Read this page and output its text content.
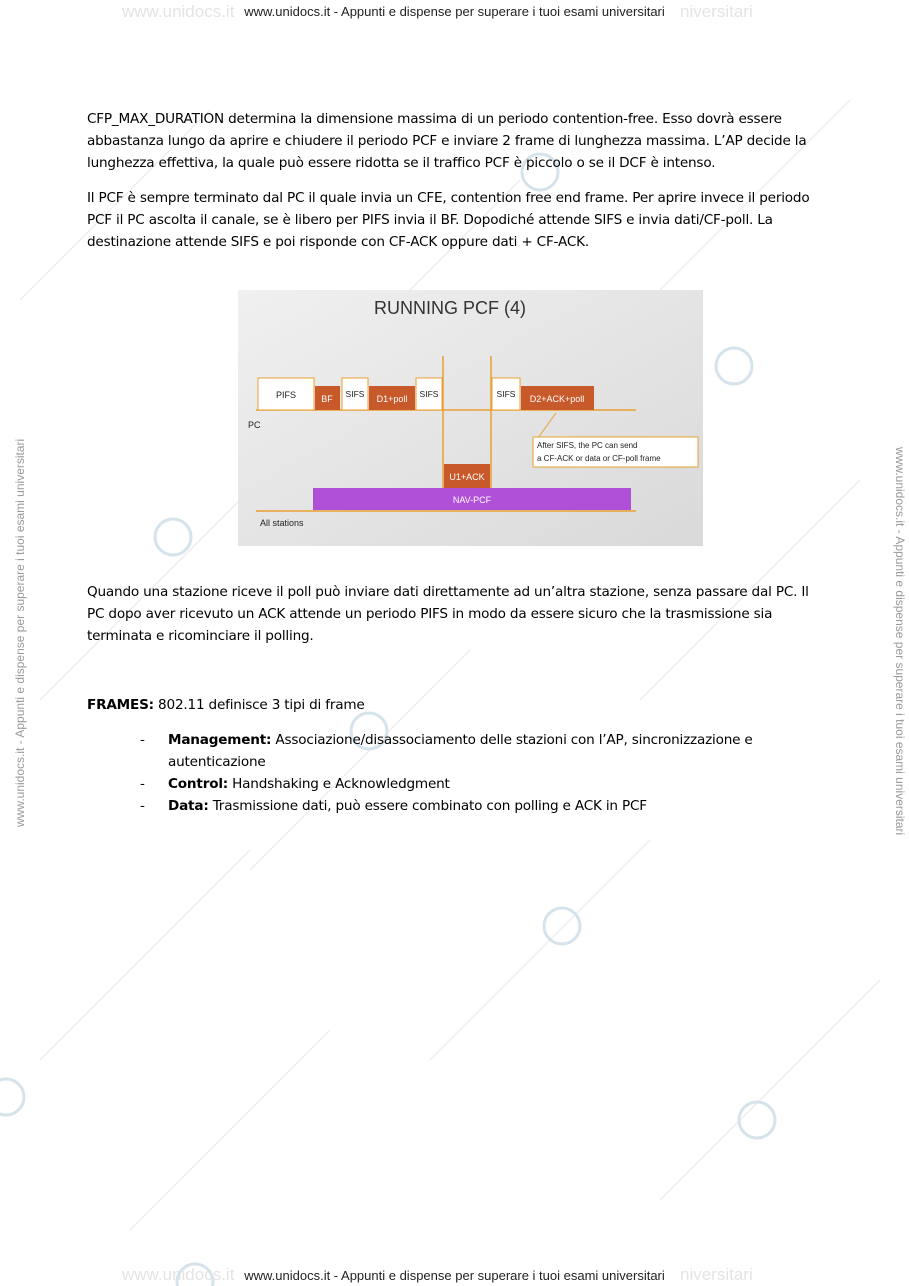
www.unidocs.it	niversitari
www.unidocs.it - Appunti e dispense per superare i tuoi esami universitari
www.unidocs.it	niversitari
www.unidocs.it - Appunti e dispense per superare i tuoi esami universitari
www.unidocs.it - Appunti e dispense per superare i tuoi esami universitari	www.unidocs.it - Appunti e dispense per superare i tuoi esami universitari
CFP_MAX_DURATION determina la dimensione massima di un periodo contention-free. Esso dovrà essere abbastanza lungo da aprire e chiudere il periodo PCF e inviare 2 frame di lunghezza massima. L’AP decide la lunghezza effettiva, la quale può essere ridotta se il traffico PCF è piccolo o se il DCF è intenso.
Il PCF è sempre terminato dal PC il quale invia un CFE, contention free end frame. Per aprire invece il periodo PCF il PC ascolta il canale, se è libero per PIFS invia il BF. Dopodiché attende SIFS e invia dati/CF-poll. La destinazione attende SIFS e poi risponde con CF-ACK oppure dati + CF-ACK.
RUNNING PCF (4)
PIFS	BF SIFS D1+poll SIFS	SIFS D2+ACK+poll
PC
After SIFS, the PC can send
a CF-ACK or data or CF-poll frame
U1+ACK
NAV-PCF
All stations
Quando una stazione riceve il poll può inviare dati direttamente ad un’altra stazione, senza passare dal PC. Il PC dopo aver ricevuto un ACK attende un periodo PIFS in modo da essere sicuro che la trasmissione sia terminata e ricominciare il polling.
FRAMES: 802.11 definisce 3 tipi di frame
-	Management: Associazione/disassociamento delle stazioni con l’AP, sincronizzazione e autenticazione
-	Control: Handshaking e Acknowledgment
-	Data: Trasmissione dati, può essere combinato con polling e ACK in PCF
